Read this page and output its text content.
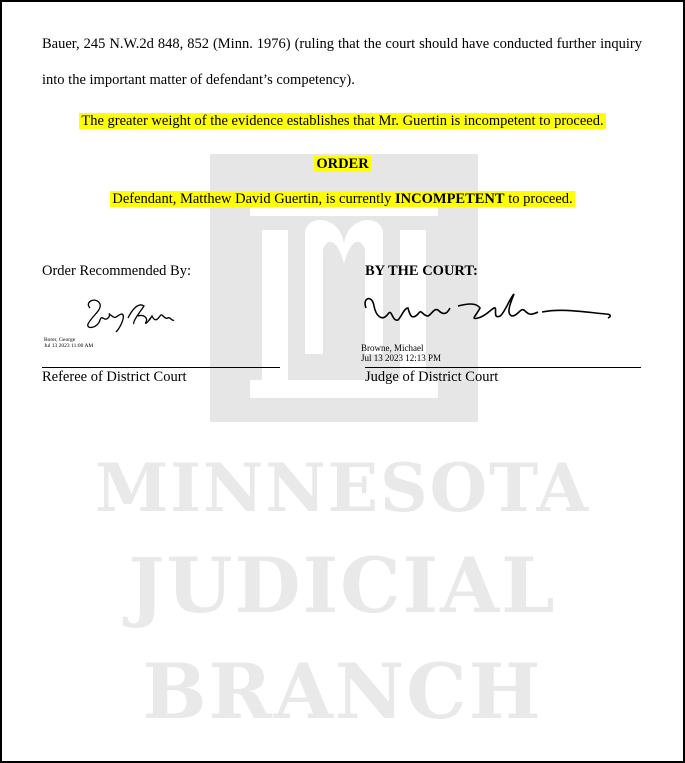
MINNESOTA
JUDICIAL
BRANCH
Bauer, 245 N.W.2d 848, 852 (Minn. 1976) (ruling that the court should have conducted further inquiry into the important matter of defendant’s competency).
The greater weight of the evidence establishes that Mr. Guertin is incompetent to proceed.
ORDER
Defendant, Matthew David Guertin, is currently INCOMPETENT to proceed.
Order Recommended By:	BY THE COURT:
Borer, George
Jul 13 2023 11:00 AM	Browne, Michael
Jul 13 2023 12:13 PM
Referee of District Court	Judge of District Court
